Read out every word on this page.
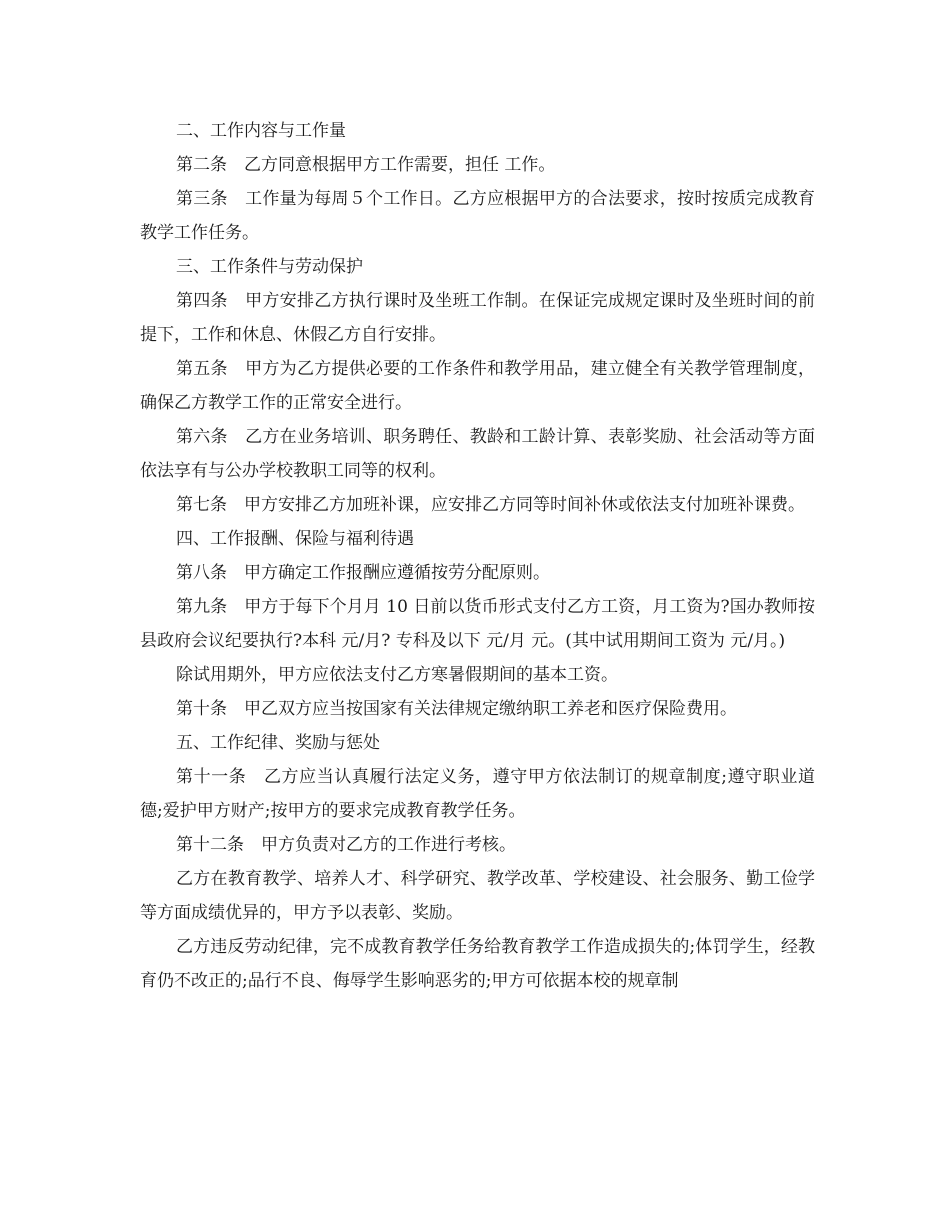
二、工作内容与工作量

第二条　乙方同意根据甲方工作需要，担任 工作。

第三条　工作量为每周５个工作日。乙方应根据甲方的合法要求，按时按质完成教育教学工作任务。

三、工作条件与劳动保护

第四条　甲方安排乙方执行课时及坐班工作制。在保证完成规定课时及坐班时间的前提下，工作和休息、休假乙方自行安排。

第五条　甲方为乙方提供必要的工作条件和教学用品，建立健全有关教学管理制度，确保乙方教学工作的正常安全进行。

第六条　乙方在业务培训、职务聘任、教龄和工龄计算、表彰奖励、社会活动等方面依法享有与公办学校教职工同等的权利。

第七条　甲方安排乙方加班补课，应安排乙方同等时间补休或依法支付加班补课费。

四、工作报酬、保险与福利待遇

第八条　甲方确定工作报酬应遵循按劳分配原则。

第九条　甲方于每下个月月 10 日前以货币形式支付乙方工资，月工资为?国办教师按县政府会议纪要执行?本科 元/月? 专科及以下 元/月 元。(其中试用期间工资为 元/月。)

除试用期外，甲方应依法支付乙方寒暑假期间的基本工资。

第十条　甲乙双方应当按国家有关法律规定缴纳职工养老和医疗保险费用。

五、工作纪律、奖励与惩处

第十一条　乙方应当认真履行法定义务，遵守甲方依法制订的规章制度;遵守职业道德;爱护甲方财产;按甲方的要求完成教育教学任务。

第十二条　甲方负责对乙方的工作进行考核。

乙方在教育教学、培养人才、科学研究、教学改革、学校建设、社会服务、勤工俭学等方面成绩优异的，甲方予以表彰、奖励。

乙方违反劳动纪律，完不成教育教学任务给教育教学工作造成损失的;体罚学生，经教育仍不改正的;品行不良、侮辱学生影响恶劣的;甲方可依据本校的规章制
